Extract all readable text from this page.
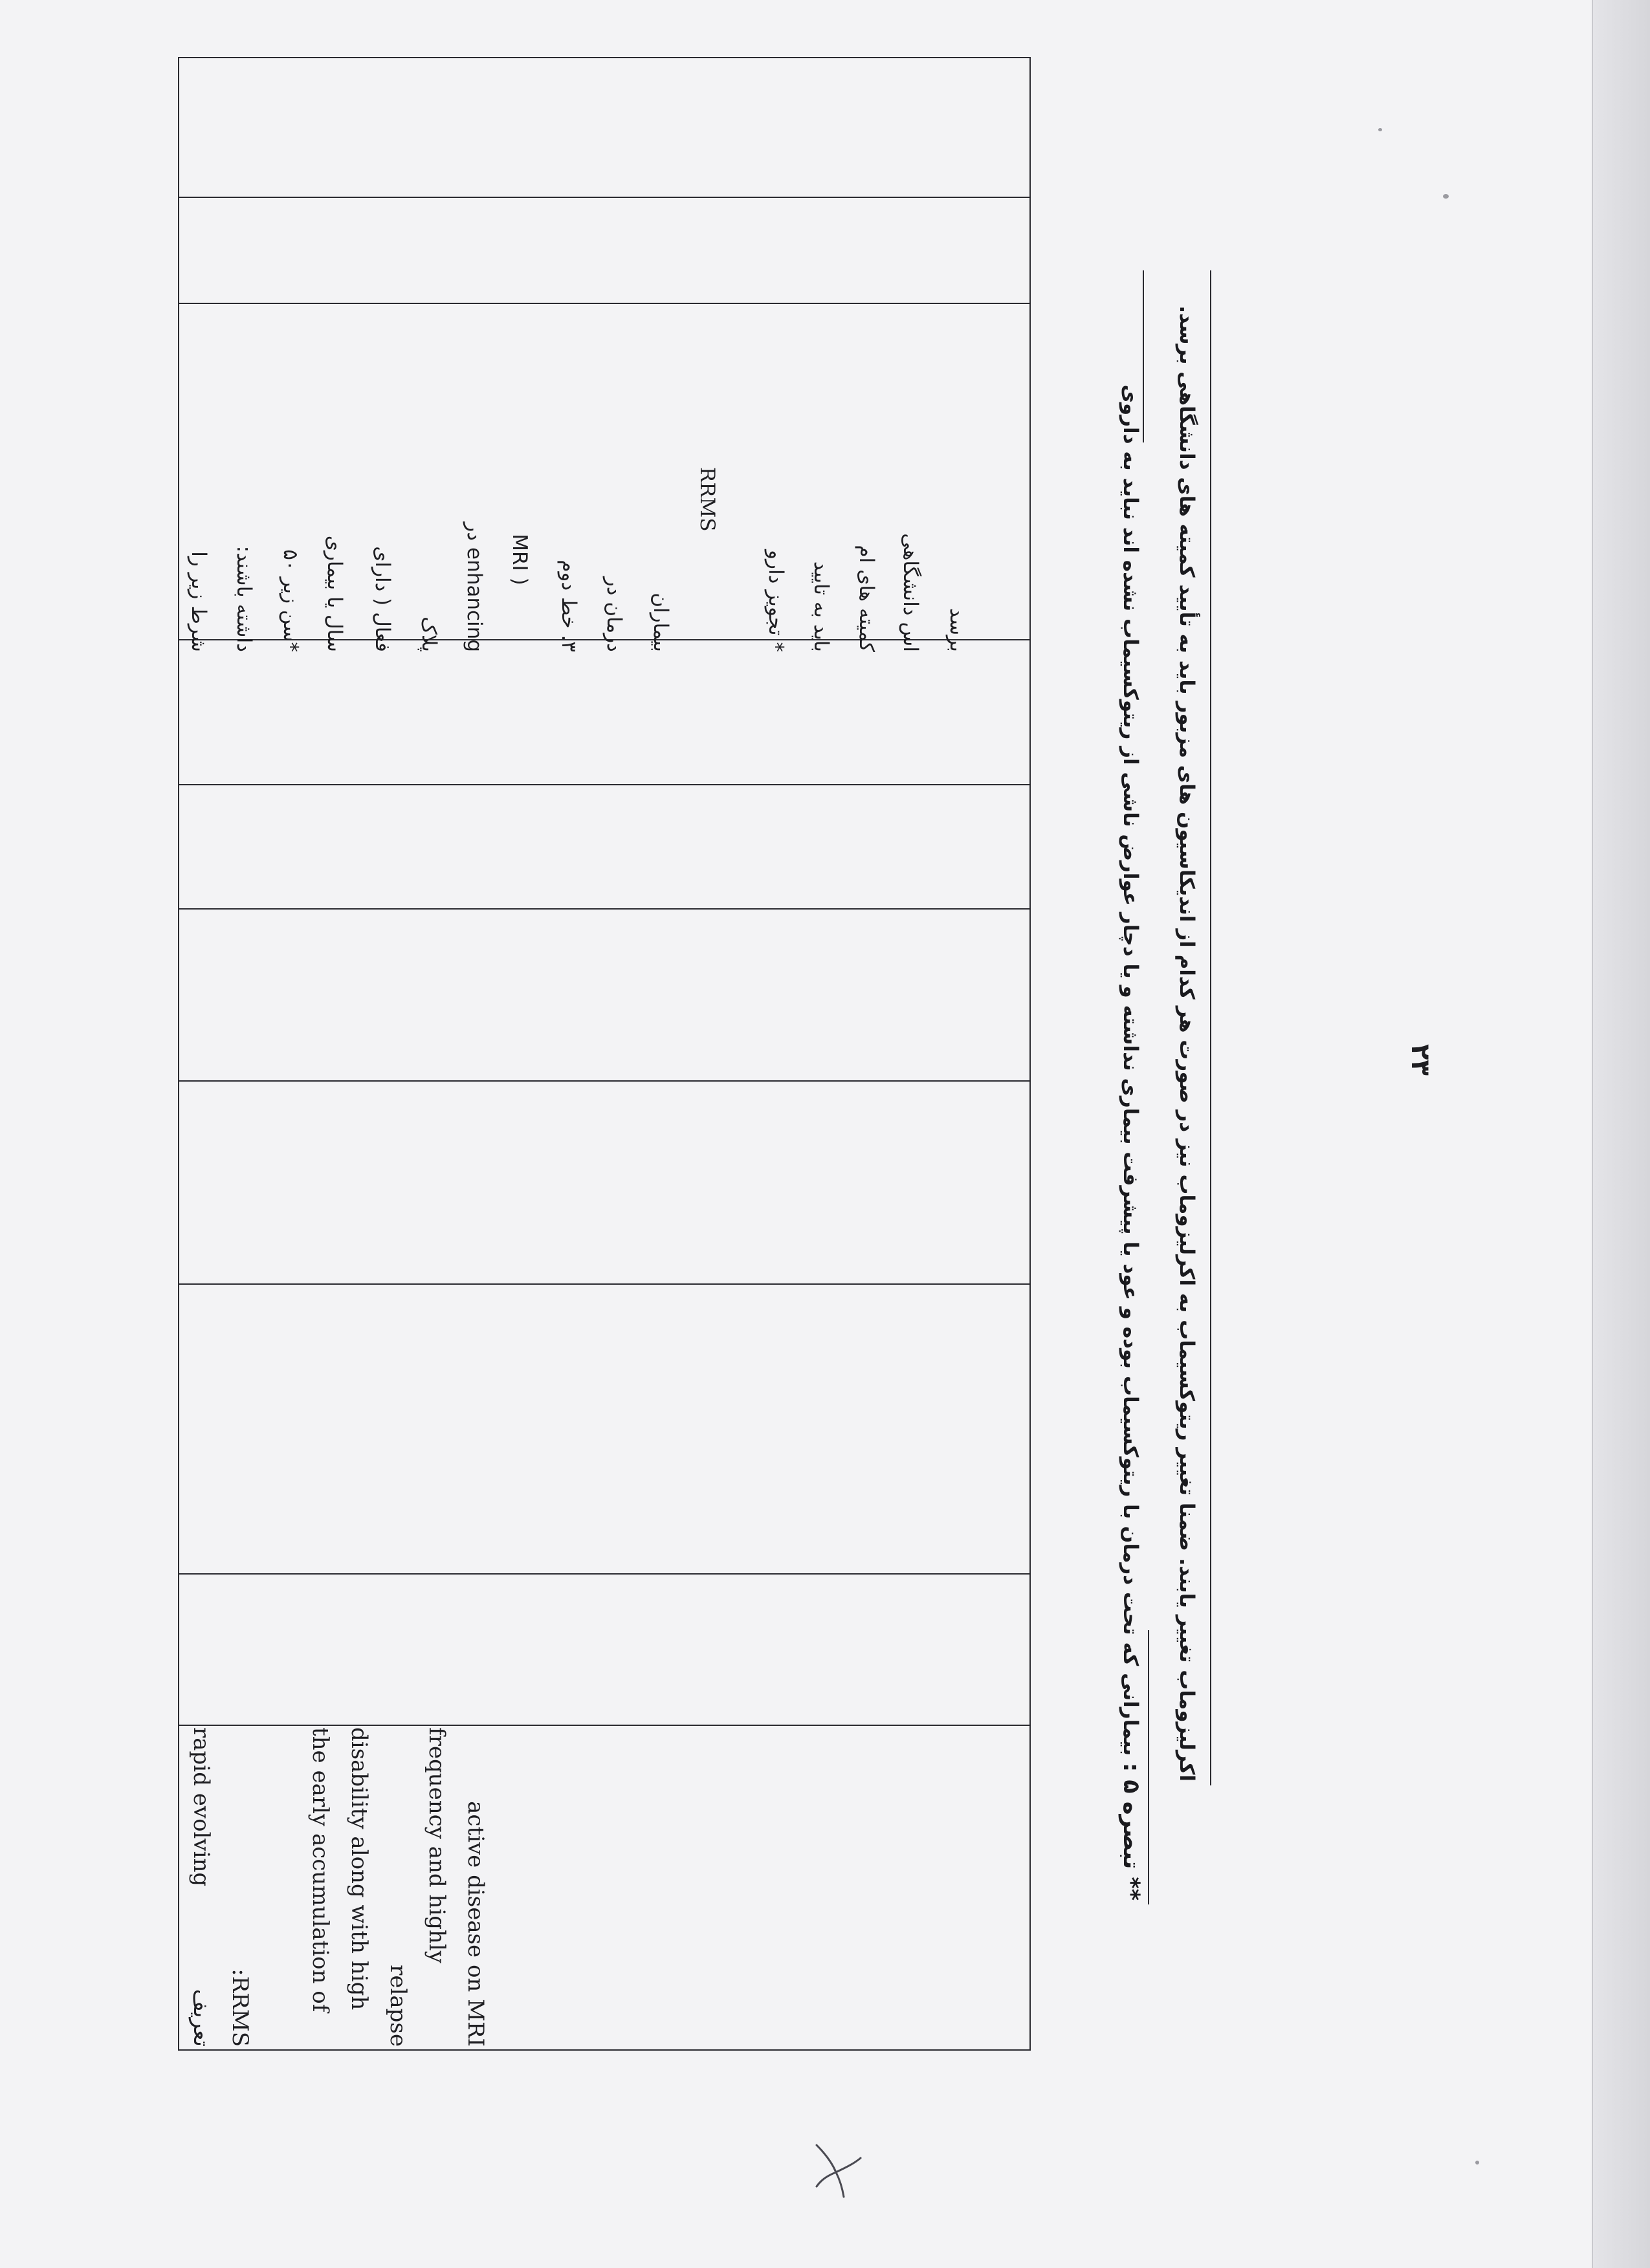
rapid evolving
تعریف :RRMS the early accumulation of disability along with high relapse
frequency and highly active disease on MRI
شرط زیر را	داشته باشند:	*سن زیر ۵۰	سال یا بیماری	فعال ( دارای	پلاک
enhancing در	( MRI	۳. خط دوم	درمان در	بیماران
RRMS
* تجویز دارو	باید به تایید	کمیته های ام	اس دانشگاهی	برسد
** تبصره ۵ : بیمارانی که تحت درمان با ریتوکسیماب بوده و عود یا پیشرفت بیماری نداشته و یا دچار عوارض ناشی از ریتوکسیماب نشده اند نباید به داروی اکرلیزوماب تغییر یابند. ضمنا تغییر ریتوکسیماب به اکرلیزوماب نیز در صورت هر کدام از اندیکاسیون های مزبور باید به تأیید کمیته های دانشگاهی برسد.	۲۳
